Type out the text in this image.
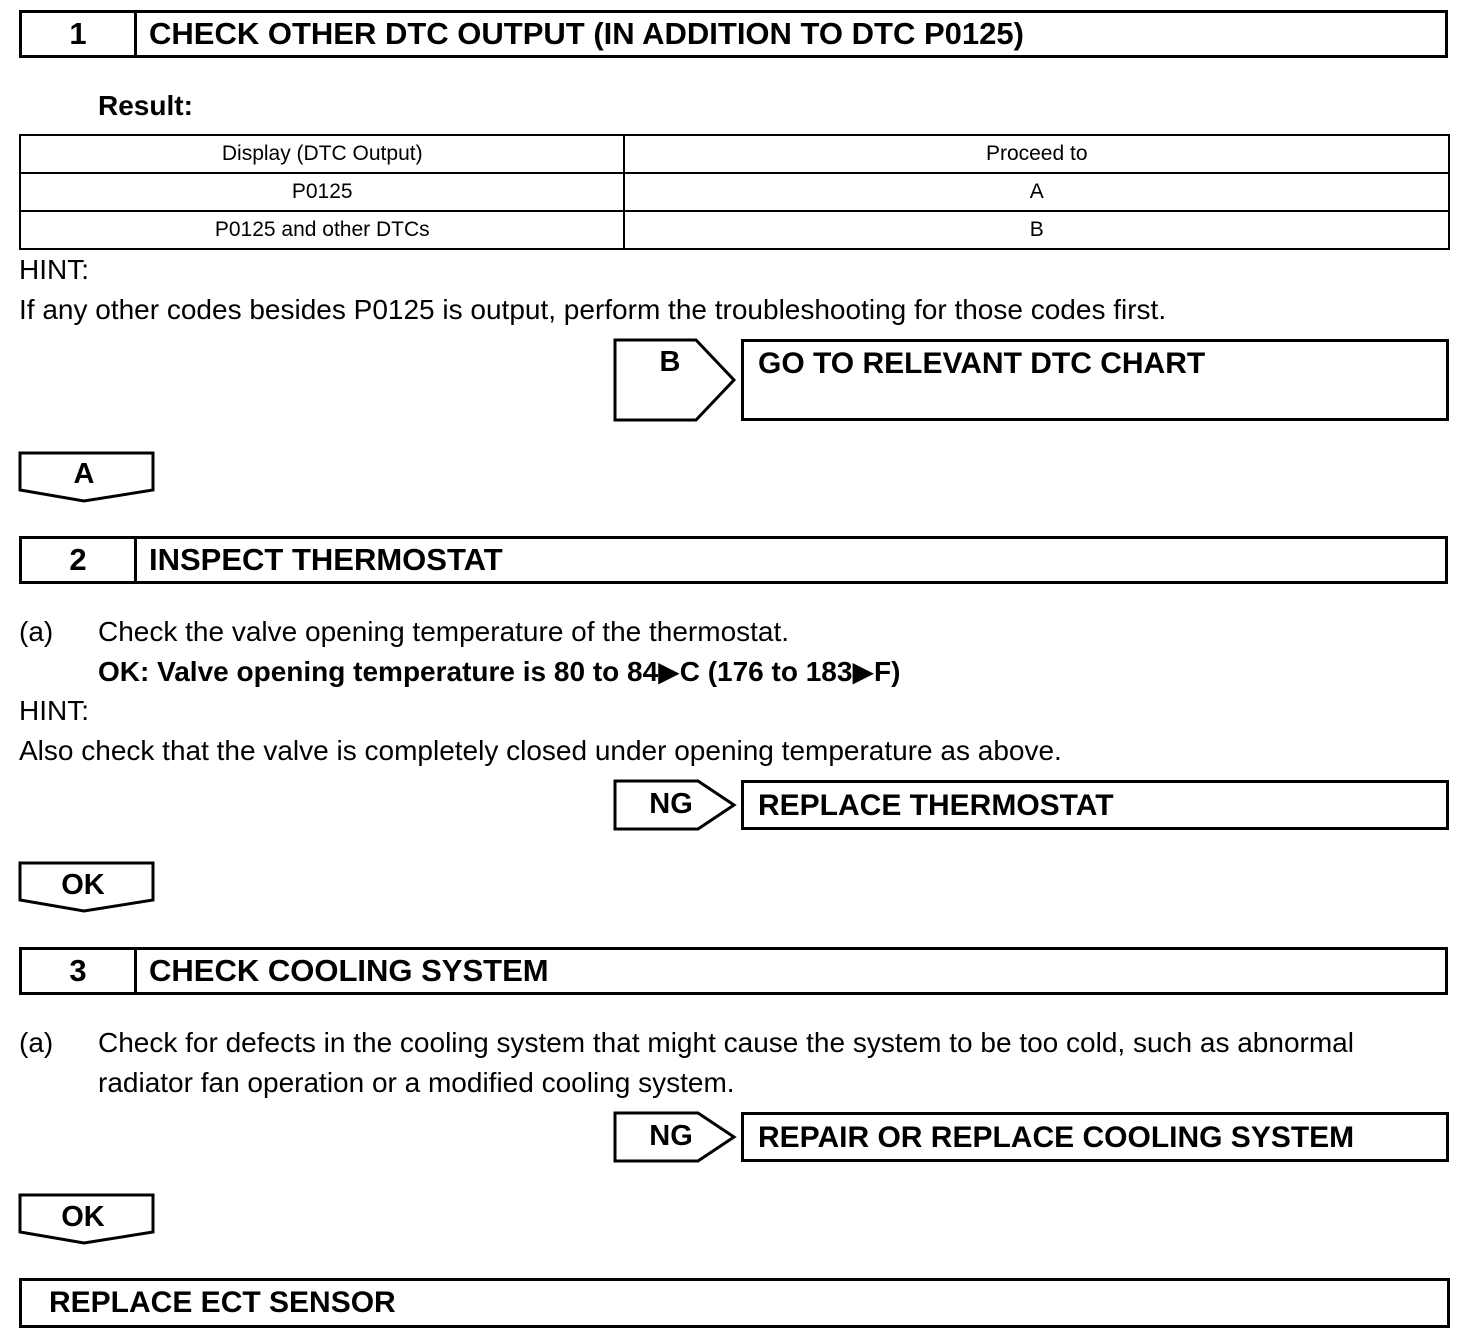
1	CHECK OTHER DTC OUTPUT (IN ADDITION TO DTC P0125)
Result:
Display (DTC Output)	Proceed to
P0125	A
P0125 and other DTCs	B
HINT:
If any other codes besides P0125 is output, perform the troubleshooting for those codes first.
B	GO TO RELEVANT DTC CHART
A
2	INSPECT THERMOSTAT
(a) Check the valve opening temperature of the thermostat.
OK: Valve opening temperature is 80 to 84▶C (176 to 183▶F)
HINT:
Also check that the valve is completely closed under opening temperature as above.
NG	REPLACE THERMOSTAT
OK
3	CHECK COOLING SYSTEM
(a) Check for defects in the cooling system that might cause the system to be too cold, such as abnormal
radiator fan operation or a modified cooling system.
NG	REPAIR OR REPLACE COOLING SYSTEM
OK
REPLACE ECT SENSOR
